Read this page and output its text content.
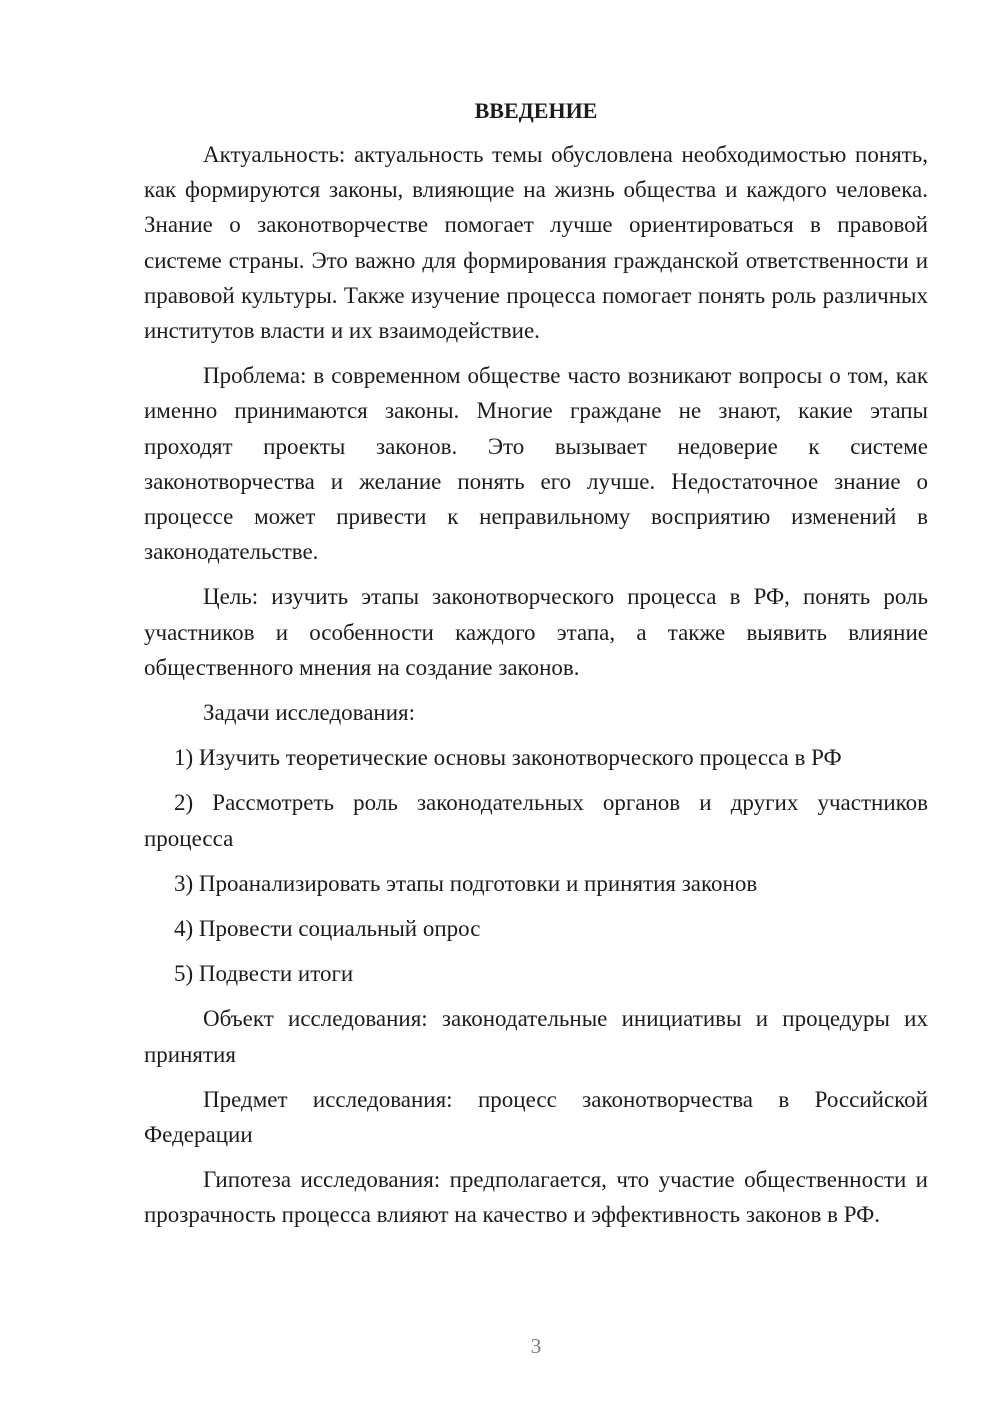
ВВЕДЕНИЕ

Актуальность: актуальность темы обусловлена необходимостью понять, как формируются законы, влияющие на жизнь общества и каждого человека. Знание о законотворчестве помогает лучше ориентироваться в правовой системе страны. Это важно для формирования гражданской ответственности и правовой культуры. Также изучение процесса помогает понять роль различных институтов власти и их взаимодействие.

Проблема: в современном обществе часто возникают вопросы о том, как именно принимаются законы. Многие граждане не знают, какие этапы проходят проекты законов. Это вызывает недоверие к системе законотворчества и желание понять его лучше. Недостаточное знание о процессе может привести к неправильному восприятию изменений в законодательстве.

Цель: изучить этапы законотворческого процесса в РФ, понять роль участников и особенности каждого этапа, а также выявить влияние общественного мнения на создание законов.

Задачи исследования:

1) Изучить теоретические основы законотворческого процесса в РФ

2) Рассмотреть роль законодательных органов и других участников процесса

3) Проанализировать этапы подготовки и принятия законов

4) Провести социальный опрос

5) Подвести итоги

Объект исследования: законодательные инициативы и процедуры их принятия

Предмет исследования: процесс законотворчества в Российской Федерации

Гипотеза исследования: предполагается, что участие общественности и прозрачность процесса влияют на качество и эффективность законов в РФ.

3
